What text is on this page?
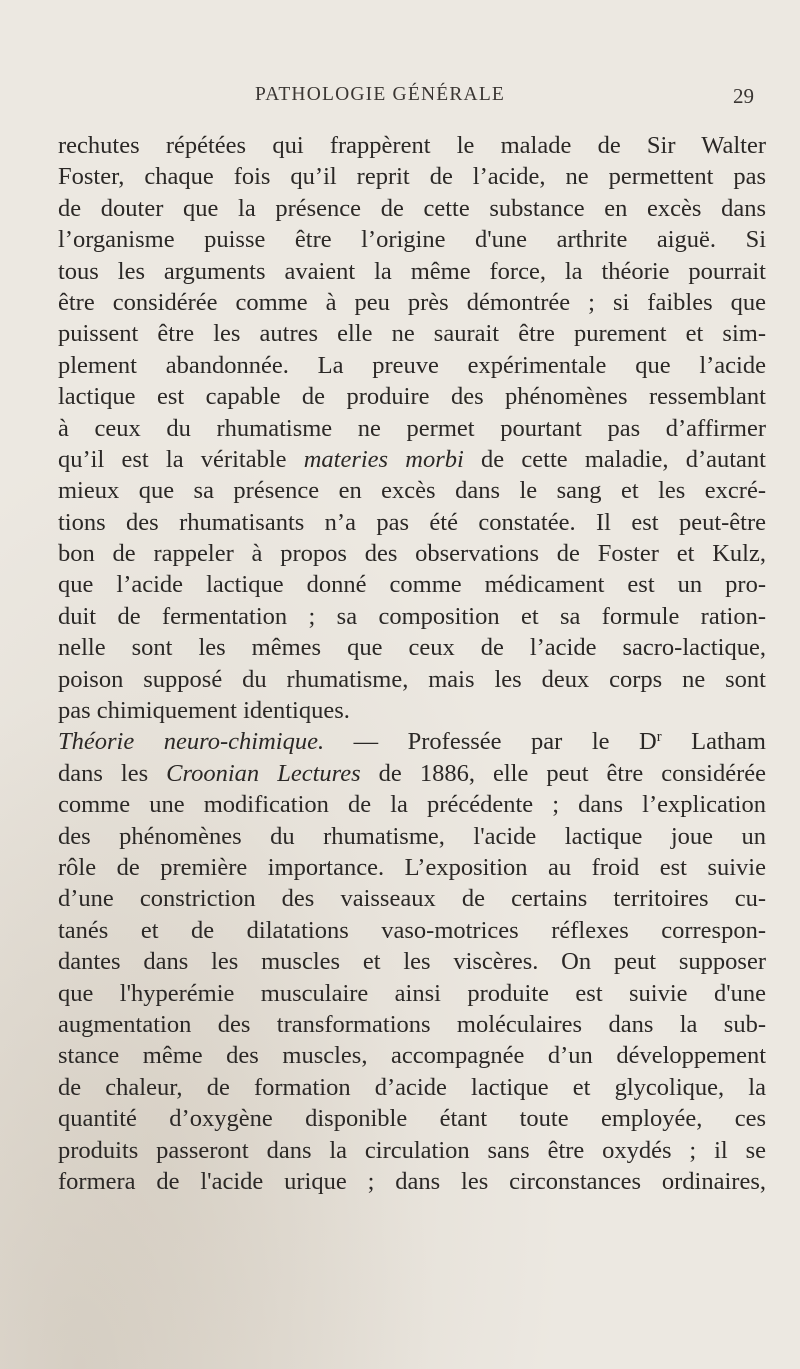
PATHOLOGIE GÉNÉRALE	29
rechutes répétées qui frappèrent le malade de Sir Walter
Foster, chaque fois qu’il reprit de l’acide, ne permettent pas
de douter que la présence de cette substance en excès dans
l’organisme puisse être l’origine d'une arthrite aiguë. Si
tous les arguments avaient la même force, la théorie pourrait
être considérée comme à peu près démontrée ; si faibles que
puissent être les autres elle ne saurait être purement et sim-
plement abandonnée. La preuve expérimentale que l’acide
lactique est capable de produire des phénomènes ressemblant
à ceux du rhumatisme ne permet pourtant pas d’affirmer
qu’il est la véritable materies morbi de cette maladie, d’autant
mieux que sa présence en excès dans le sang et les excré-
tions des rhumatisants n’a pas été constatée. Il est peut-être
bon de rappeler à propos des observations de Foster et Kulz,
que l’acide lactique donné comme médicament est un pro-
duit de fermentation ; sa composition et sa formule ration-
nelle sont les mêmes que ceux de l’acide sacro-lactique,
poison supposé du rhumatisme, mais les deux corps ne sont
pas chimiquement identiques.
Théorie neuro-chimique. — Professée par le $D^r$ Latham
dans les Croonian Lectures de 1886, elle peut être considérée
comme une modification de la précédente ; dans l’explication
des phénomènes du rhumatisme, l'acide lactique joue un
rôle de première importance. L’exposition au froid est suivie
d’une constriction des vaisseaux de certains territoires cu-
tanés et de dilatations vaso-motrices réflexes correspon-
dantes dans les muscles et les viscères. On peut supposer
que l'hyperémie musculaire ainsi produite est suivie d'une
augmentation des transformations moléculaires dans la sub-
stance même des muscles, accompagnée d’un développement
de chaleur, de formation d’acide lactique et glycolique, la
quantité d’oxygène disponible étant toute employée, ces
produits passeront dans la circulation sans être oxydés ; il se
formera de l'acide urique ; dans les circonstances ordinaires,
